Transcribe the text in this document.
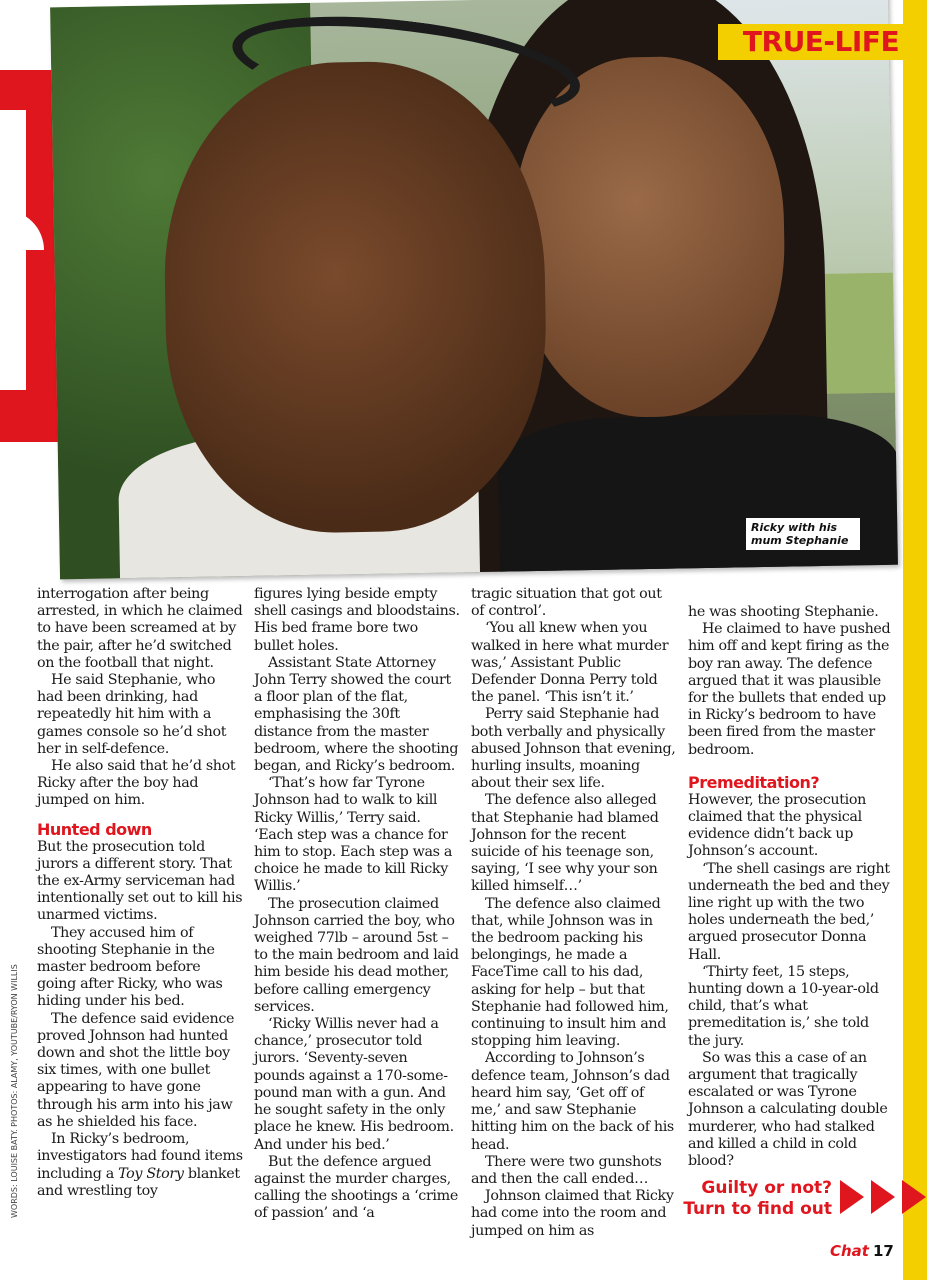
TRUE-LIFE
Ricky with his mum Stephanie
WORDS: LOUISE BATY. PHOTOS: ALAMY, YOUTUBE/RYON WILLIS

interrogation after being arrested, in which he claimed to have been screamed at by the pair, after he’d switched on the football that night.

He said Stephanie, who had been drinking, had repeatedly hit him with a games console so he’d shot her in self-defence.

He also said that he’d shot Ricky after the boy had jumped on him.

Hunted down

But the prosecution told jurors a different story. That the ex-Army serviceman had intentionally set out to kill his unarmed victims.

They accused him of shooting Stephanie in the master bedroom before going after Ricky, who was hiding under his bed.

The defence said evidence proved Johnson had hunted down and shot the little boy six times, with one bullet appearing to have gone through his arm into his jaw as he shielded his face.

In Ricky’s bedroom, investigators had found items including a Toy Story blanket and wrestling toy

figures lying beside empty shell casings and bloodstains. His bed frame bore two bullet holes.

Assistant State Attorney John Terry showed the court a floor plan of the flat, emphasising the 30ft distance from the master bedroom, where the shooting began, and Ricky’s bedroom.

‘That’s how far Tyrone Johnson had to walk to kill Ricky Willis,’ Terry said. ‘Each step was a chance for him to stop. Each step was a choice he made to kill Ricky Willis.’

The prosecution claimed Johnson carried the boy, who weighed 77lb – around 5st – to the main bedroom and laid him beside his dead mother, before calling emergency services.

‘Ricky Willis never had a chance,’ prosecutor told jurors. ‘Seventy-seven pounds against a 170-some-pound man with a gun. And he sought safety in the only place he knew. His bedroom. And under his bed.’

But the defence argued against the murder charges, calling the shootings a ‘crime of passion’ and ‘a

tragic situation that got out of control’.

‘You all knew when you walked in here what murder was,’ Assistant Public Defender Donna Perry told the panel. ‘This isn’t it.’

Perry said Stephanie had both verbally and physically abused Johnson that evening, hurling insults, moaning about their sex life.

The defence also alleged that Stephanie had blamed Johnson for the recent suicide of his teenage son, saying, ‘I see why your son killed himself…’

The defence also claimed that, while Johnson was in the bedroom packing his belongings, he made a FaceTime call to his dad, asking for help – but that Stephanie had followed him, continuing to insult him and stopping him leaving.

According to Johnson’s defence team, Johnson’s dad heard him say, ‘Get off of me,’ and saw Stephanie hitting him on the back of his head.

There were two gunshots and then the call ended…

Johnson claimed that Ricky had come into the room and jumped on him as

he was shooting Stephanie.

He claimed to have pushed him off and kept firing as the boy ran away. The defence argued that it was plausible for the bullets that ended up in Ricky’s bedroom to have been fired from the master bedroom.

Premeditation?

However, the prosecution claimed that the physical evidence didn’t back up Johnson’s account.

‘The shell casings are right underneath the bed and they line right up with the two holes underneath the bed,’ argued prosecutor Donna Hall.

‘Thirty feet, 15 steps, hunting down a 10-year-old child, that’s what premeditation is,’ she told the jury.

So was this a case of an argument that tragically escalated or was Tyrone Johnson a calculating double murderer, who had stalked and killed a child in cold blood?

Guilty or not?
Turn to find out
Chat 17
